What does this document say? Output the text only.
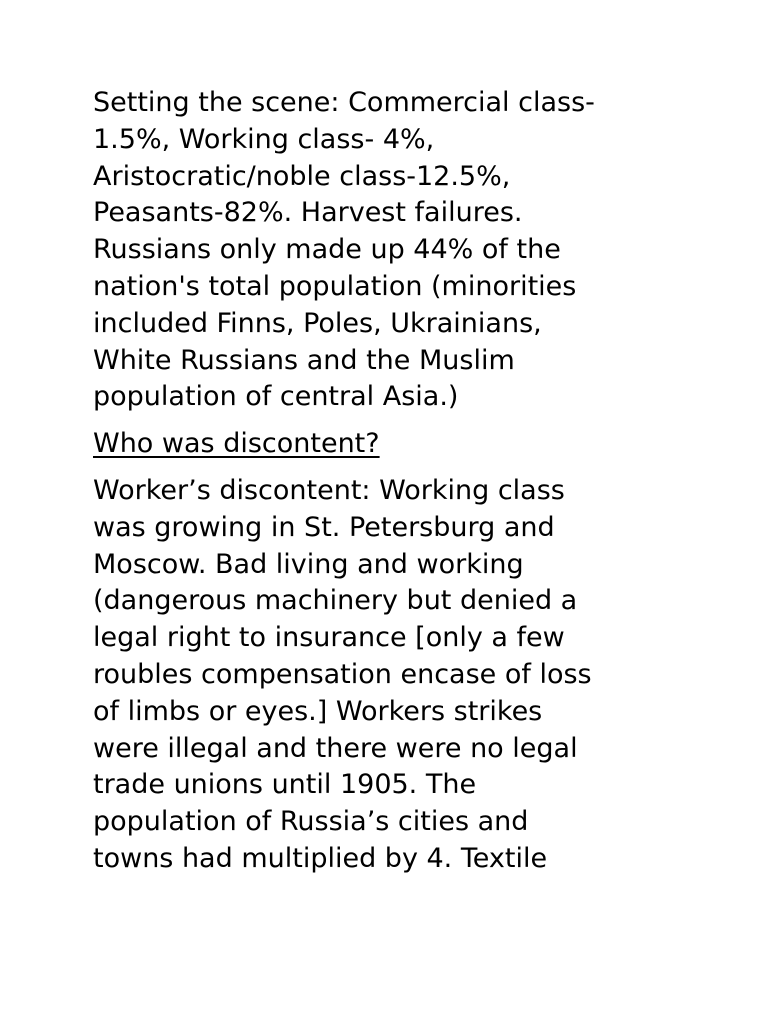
Setting the scene: Commercial class-
1.5%, Working class- 4%,
Aristocratic/noble class-12.5%,
Peasants-82%. Harvest failures.
Russians only made up 44% of the
nation's total population (minorities
included Finns, Poles, Ukrainians,
White Russians and the Muslim
population of central Asia.)

Who was discontent?

Worker’s discontent: Working class
was growing in St. Petersburg and
Moscow. Bad living and working
(dangerous machinery but denied a
legal right to insurance [only a few
roubles compensation encase of loss
of limbs or eyes.] Workers strikes
were illegal and there were no legal
trade unions until 1905. The
population of Russia’s cities and
towns had multiplied by 4. Textile
